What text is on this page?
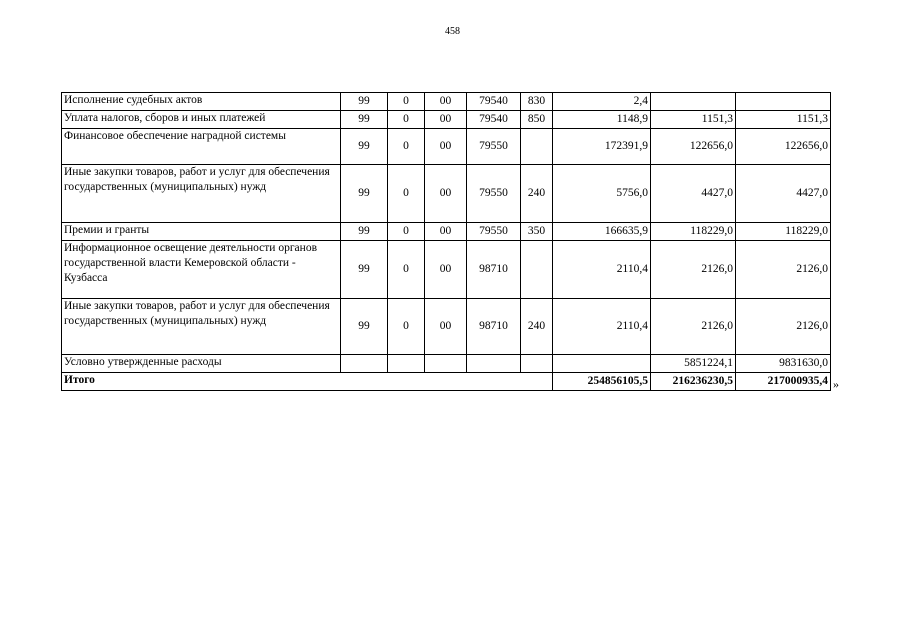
458
Исполнение судебных актов	99	0	00	79540	830	2,4		
Уплата налогов, сборов и иных платежей	99	0	00	79540	850	1148,9	1151,3	1151,3
Финансовое обеспечение наградной системы	99	0	00	79550		172391,9	122656,0	122656,0
Иные закупки товаров, работ и услуг для обеспечения государственных (муниципальных) нужд	99	0	00	79550	240	5756,0	4427,0	4427,0
Премии и гранты	99	0	00	79550	350	166635,9	118229,0	118229,0
Информационное освещение деятельности органов государственной власти Кемеровской области - Кузбасса	99	0	00	98710		2110,4	2126,0	2126,0
Иные закупки товаров, работ и услуг для обеспечения государственных (муниципальных) нужд	99	0	00	98710	240	2110,4	2126,0	2126,0
Условно утвержденные расходы							5851224,1	9831630,0
Итого						254856105,5	216236230,5	217000935,4 »
